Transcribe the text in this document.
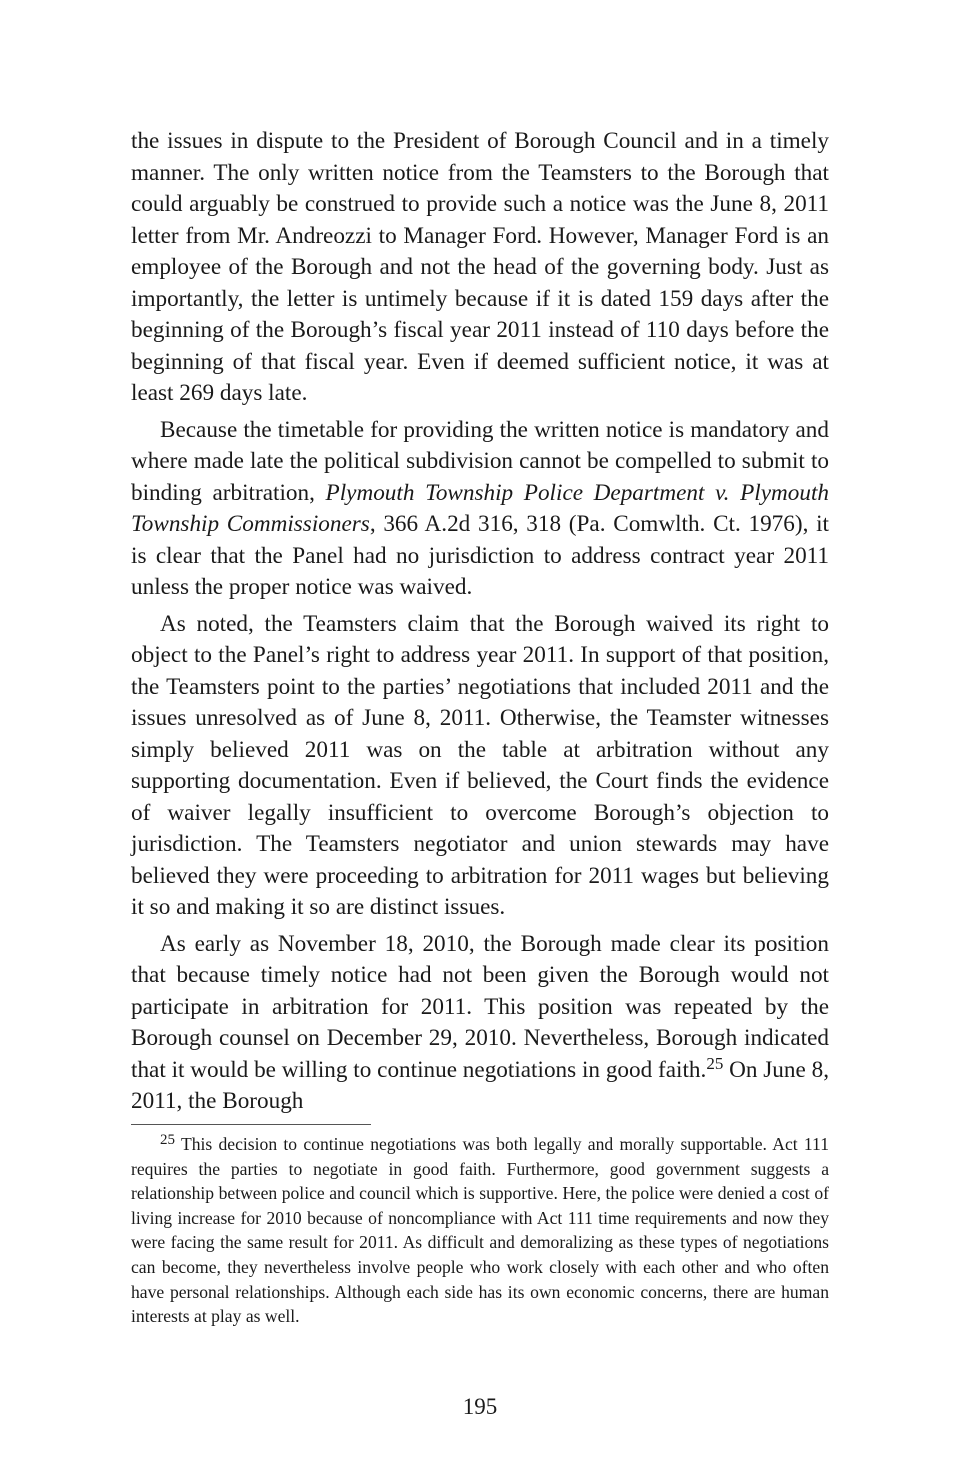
the issues in dispute to the President of Borough Council and in a timely manner. The only written notice from the Teamsters to the Borough that could arguably be construed to provide such a notice was the June 8, 2011 letter from Mr. Andreozzi to Manager Ford. However, Manager Ford is an employee of the Borough and not the head of the governing body. Just as importantly, the letter is untimely because if it is dated 159 days after the beginning of the Borough’s fiscal year 2011 instead of 110 days before the beginning of that fiscal year. Even if deemed sufficient notice, it was at least 269 days late.

Because the timetable for providing the written notice is mandatory and where made late the political subdivision cannot be compelled to submit to binding arbitration, Plymouth Township Police Department v. Plymouth Township Commissioners, 366 A.2d 316, 318 (Pa. Comwlth. Ct. 1976), it is clear that the Panel had no jurisdiction to address contract year 2011 unless the proper notice was waived.

As noted, the Teamsters claim that the Borough waived its right to object to the Panel’s right to address year 2011. In support of that position, the Teamsters point to the parties’ negotiations that included 2011 and the issues unresolved as of June 8, 2011. Otherwise, the Teamster witnesses simply believed 2011 was on the table at arbitration without any supporting documentation. Even if believed, the Court finds the evidence of waiver legally insufficient to overcome Borough’s objection to jurisdiction. The Teamsters negotiator and union stewards may have believed they were proceeding to arbitration for 2011 wages but believing it so and making it so are distinct issues.

As early as November 18, 2010, the Borough made clear its position that because timely notice had not been given the Borough would not participate in arbitration for 2011. This position was repeated by the Borough counsel on December 29, 2010. Nevertheless, Borough indicated that it would be willing to continue negotiations in good faith.$^{25}$ On June 8, 2011, the Borough

$^{25}$ This decision to continue negotiations was both legally and morally supportable. Act 111 requires the parties to negotiate in good faith. Furthermore, good government suggests a relationship between police and council which is supportive. Here, the police were denied a cost of living increase for 2010 because of noncompliance with Act 111 time requirements and now they were facing the same result for 2011. As difficult and demoralizing as these types of negotiations can become, they nevertheless involve people who work closely with each other and who often have personal relationships. Although each side has its own economic concerns, there are human interests at play as well.

195
